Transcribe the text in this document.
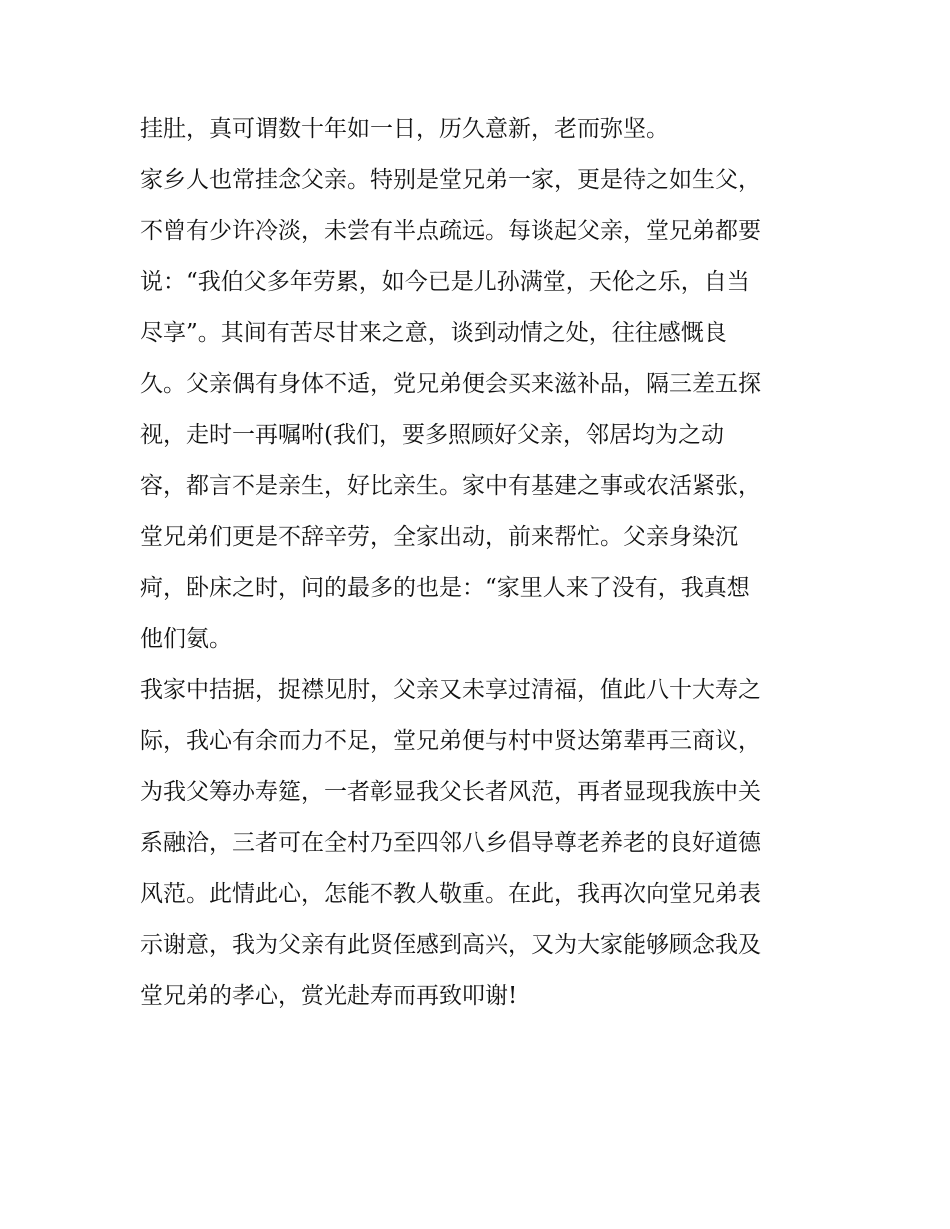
挂肚，真可谓数十年如一日，历久意新，老而弥坚。
家乡人也常挂念父亲。特别是堂兄弟一家，更是待之如生父，
不曾有少许冷淡，未尝有半点疏远。每谈起父亲，堂兄弟都要
说：“我伯父多年劳累，如今已是儿孙满堂，天伦之乐，自当
尽享”。其间有苦尽甘来之意，谈到动情之处，往往感慨良
久。父亲偶有身体不适，党兄弟便会买来滋补品，隔三差五探
视，走时一再嘱咐(我们，要多照顾好父亲，邻居均为之动
容，都言不是亲生，好比亲生。家中有基建之事或农活紧张，
堂兄弟们更是不辞辛劳，全家出动，前来帮忙。父亲身染沉
疴，卧床之时，问的最多的也是：“家里人来了没有，我真想
他们氨。
我家中拮据，捉襟见肘，父亲又未享过清福，值此八十大寿之
际，我心有余而力不足，堂兄弟便与村中贤达第辈再三商议，
为我父筹办寿筵，一者彰显我父长者风范，再者显现我族中关
系融洽，三者可在全村乃至四邻八乡倡导尊老养老的良好道德
风范。此情此心，怎能不教人敬重。在此，我再次向堂兄弟表
示谢意，我为父亲有此贤侄感到高兴，又为大家能够顾念我及
堂兄弟的孝心，赏光赴寿而再致叩谢!
